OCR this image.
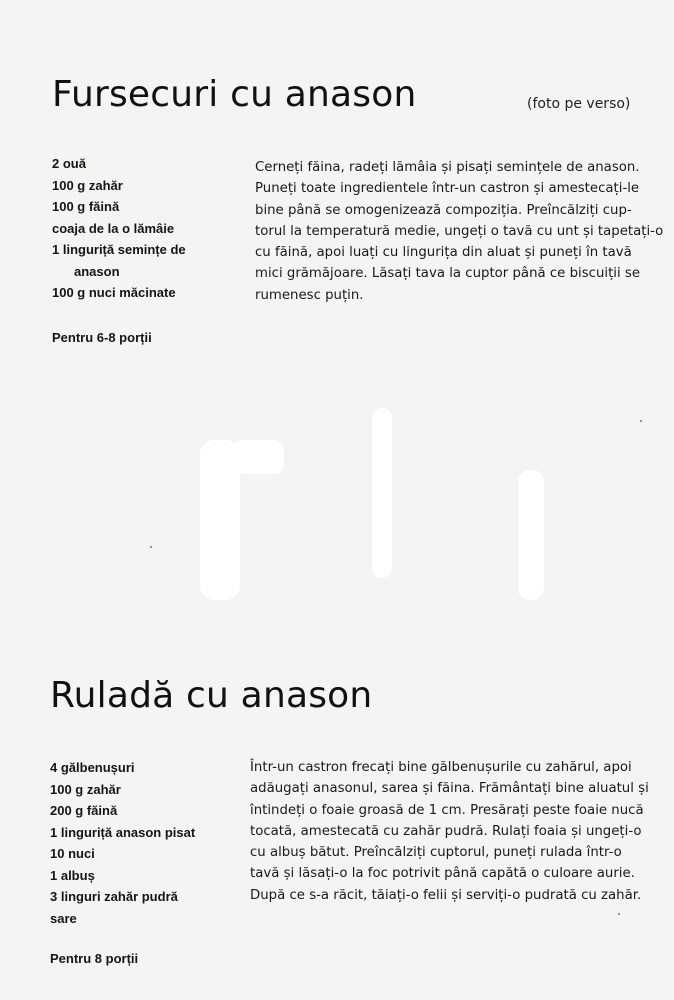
Fursecuri cu anason	(foto pe verso)
2 ouă
100 g zahăr
100 g făină
coaja de la o lămâie
1 linguriță semințe de
anason
100 g nuci măcinate
Pentru 6-8 porții
Cerneți făina, radeți lămâia și pisați semințele de anason.
Puneți toate ingredientele într-un castron și amestecați-le
bine până se omogenizează compoziția. Preîncălziți cup-
torul la temperatură medie, ungeți o tavă cu unt și tapetați-o
cu făină, apoi luați cu lingurița din aluat și puneți în tavă
mici grămăjoare. Lăsați tava la cuptor până ce biscuiții se
rumenesc puțin.
Ruladă cu anason
4 gălbenușuri
100 g zahăr
200 g făină
1 linguriță anason pisat
10 nuci
1 albuș
3 linguri zahăr pudră
sare
Pentru 8 porții
Într-un castron frecați bine gălbenușurile cu zahărul, apoi
adăugați anasonul, sarea și făina. Frământați bine aluatul și
întindeți o foaie groasă de 1 cm. Presărați peste foaie nucă
tocată, amestecată cu zahăr pudră. Rulați foaia și ungeți-o
cu albuș bătut. Preîncălziți cuptorul, puneți rulada într-o
tavă și lăsați-o la foc potrivit până capătă o culoare aurie.
După ce s-a răcit, tăiați-o felii și serviți-o pudrată cu zahăr.
